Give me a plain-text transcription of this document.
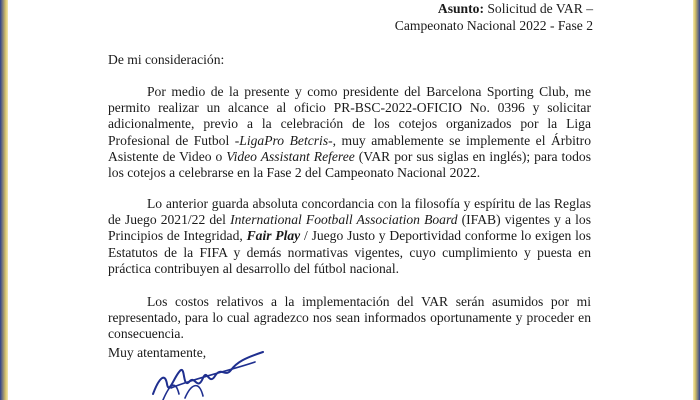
Asunto: Solicitud de VAR –
Campeonato Nacional 2022 - Fase 2
De mi consideración:

Por medio de la presente y como presidente del Barcelona Sporting Club, me permito realizar un alcance al oficio PR-BSC-2022-OFICIO No. 0396 y solicitar adicionalmente, previo a la celebración de los cotejos organizados por la Liga Profesional de Futbol -LigaPro Betcris-, muy amablemente se implemente el Árbitro Asistente de Video o Video Assistant Referee (VAR por sus siglas en inglés); para todos los cotejos a celebrarse en la Fase 2 del Campeonato Nacional 2022.

Lo anterior guarda absoluta concordancia con la filosofía y espíritu de las Reglas de Juego 2021/22 del International Football Association Board (IFAB) vigentes y a los Principios de Integridad, Fair Play / Juego Justo y Deportividad conforme lo exigen los Estatutos de la FIFA y demás normativas vigentes, cuyo cumplimiento y puesta en práctica contribuyen al desarrollo del fútbol nacional.

Los costos relativos a la implementación del VAR serán asumidos por mi representado, para lo cual agradezco nos sean informados oportunamente y proceder en consecuencia.

Muy atentamente,
